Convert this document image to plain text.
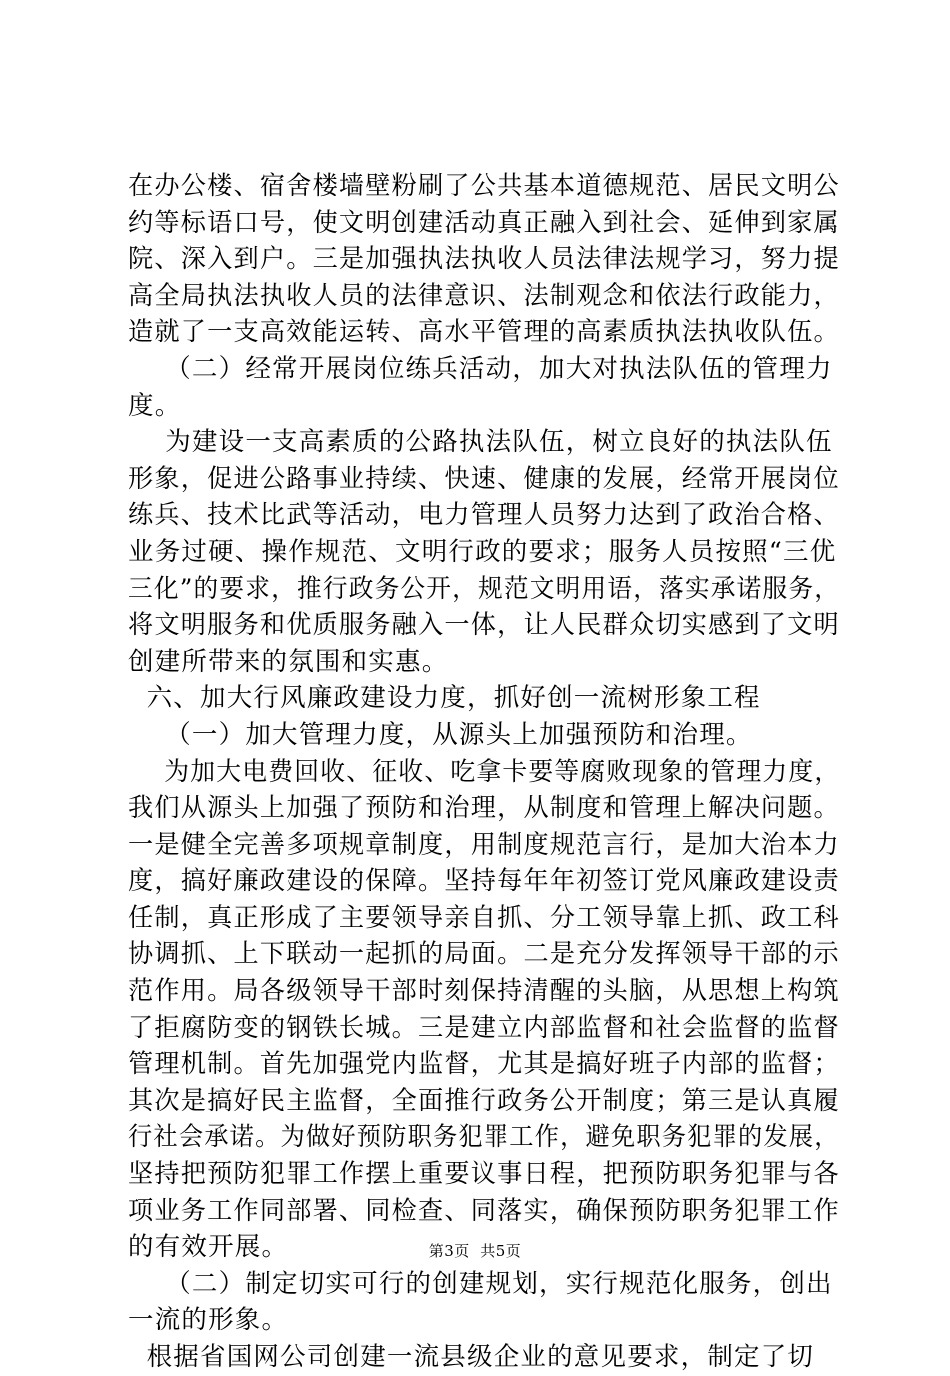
在办公楼、宿舍楼墙壁粉刷了公共基本道德规范、居民文明公
约等标语口号，使文明创建活动真正融入到社会、延伸到家属
院、深入到户。三是加强执法执收人员法律法规学习，努力提
高全局执法执收人员的法律意识、法制观念和依法行政能力，
造就了一支高效能运转、高水平管理的高素质执法执收队伍。
（二）经常开展岗位练兵活动，加大对执法队伍的管理力
度。
为建设一支高素质的公路执法队伍，树立良好的执法队伍
形象，促进公路事业持续、快速、健康的发展，经常开展岗位
练兵、技术比武等活动，电力管理人员努力达到了政治合格、
业务过硬、操作规范、文明行政的要求；服务人员按照“三优
三化”的要求，推行政务公开，规范文明用语，落实承诺服务，
将文明服务和优质服务融入一体，让人民群众切实感到了文明
创建所带来的氛围和实惠。
六、加大行风廉政建设力度，抓好创一流树形象工程
（一）加大管理力度，从源头上加强预防和治理。
为加大电费回收、征收、吃拿卡要等腐败现象的管理力度，
我们从源头上加强了预防和治理，从制度和管理上解决问题。
一是健全完善多项规章制度，用制度规范言行，是加大治本力
度，搞好廉政建设的保障。坚持每年年初签订党风廉政建设责
任制，真正形成了主要领导亲自抓、分工领导靠上抓、政工科
协调抓、上下联动一起抓的局面。二是充分发挥领导干部的示
范作用。局各级领导干部时刻保持清醒的头脑，从思想上构筑
了拒腐防变的钢铁长城。三是建立内部监督和社会监督的监督
管理机制。首先加强党内监督，尤其是搞好班子内部的监督；
其次是搞好民主监督，全面推行政务公开制度；第三是认真履
行社会承诺。为做好预防职务犯罪工作，避免职务犯罪的发展，
坚持把预防犯罪工作摆上重要议事日程，把预防职务犯罪与各
项业务工作同部署、同检查、同落实，确保预防职务犯罪工作
的有效开展。
（二）制定切实可行的创建规划，实行规范化服务，创出
一流的形象。
根据省国网公司创建一流县级企业的意见要求，制定了切
第3页  共5页
